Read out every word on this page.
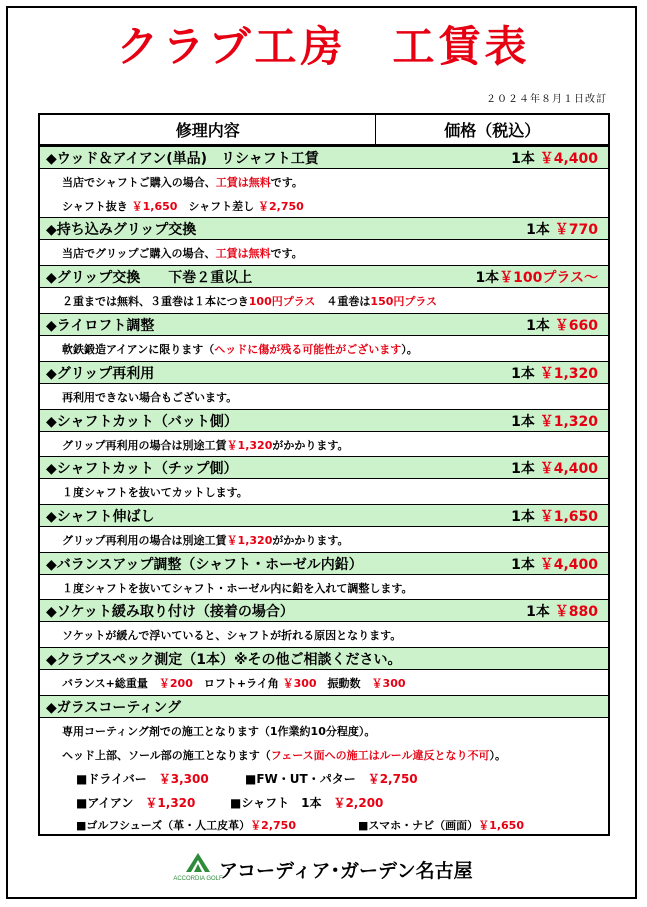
クラブ工房　工賃表
２０２４年８月１日改訂
修理内容	価格（税込）
◆ウッド＆アイアン(単品)　リシャフト工賃	1本 ￥4,400
当店でシャフトご購入の場合、 工賃は無料 です。
シャフト抜き ￥1,650 　シャフト差し ￥2,750
◆持ち込みグリップ交換	1本 ￥770
当店でグリップご購入の場合、 工賃は無料 です。
◆グリップ交換　　下巻２重以上	1本￥100プラス～
２重までは無料、３重巻は１本につき 100円プラス 　４重巻は 150円プラス
◆ライロフト調整	1本 ￥660
軟鉄鍛造アイアンに限ります（ ヘッドに傷が残る可能性がございます ）。
◆グリップ再利用	1本 ￥1,320
再利用できない場合もございます。
◆シャフトカット（バット側）	1本 ￥1,320
グリップ再利用の場合は別途工賃 ￥1,320 がかかります。
◆シャフトカット（チップ側）	1本 ￥4,400
１度シャフトを抜いてカットします。
◆シャフト伸ばし	1本 ￥1,650
グリップ再利用の場合は別途工賃 ￥1,320 がかかります。
◆バランスアップ調整（シャフト・ホーゼル内鉛）	1本 ￥4,400
１度シャフトを抜いてシャフト・ホーゼル内に鉛を入れて調整します。
◆ソケット緩み取り付け（接着の場合）	1本 ￥880
ソケットが緩んで浮いていると、シャフトが折れる原因となります。
◆クラブスペック測定（1本）※その他ご相談ください。
バランス+総重量　 ￥200 　ロフト+ライ角 ￥300 　振動数　 ￥300
◆ガラスコーティング
専用コーティング剤での施工となります（1作業約10分程度）。
ヘッド上部、ソール部の施工となります（ フェース面への施工はルール違反となり不可 ）。
■ドライバー　￥3,300	■FW・UT・パター　￥2,750
■アイアン　￥1,320	■シャフト　1本　￥2,200
■ゴルフシューズ（革・人工皮革）￥2,750	■スマホ・ナビ（画面）￥1,650
ACCORDIA GOLF
アコーディア･ガーデン名古屋
